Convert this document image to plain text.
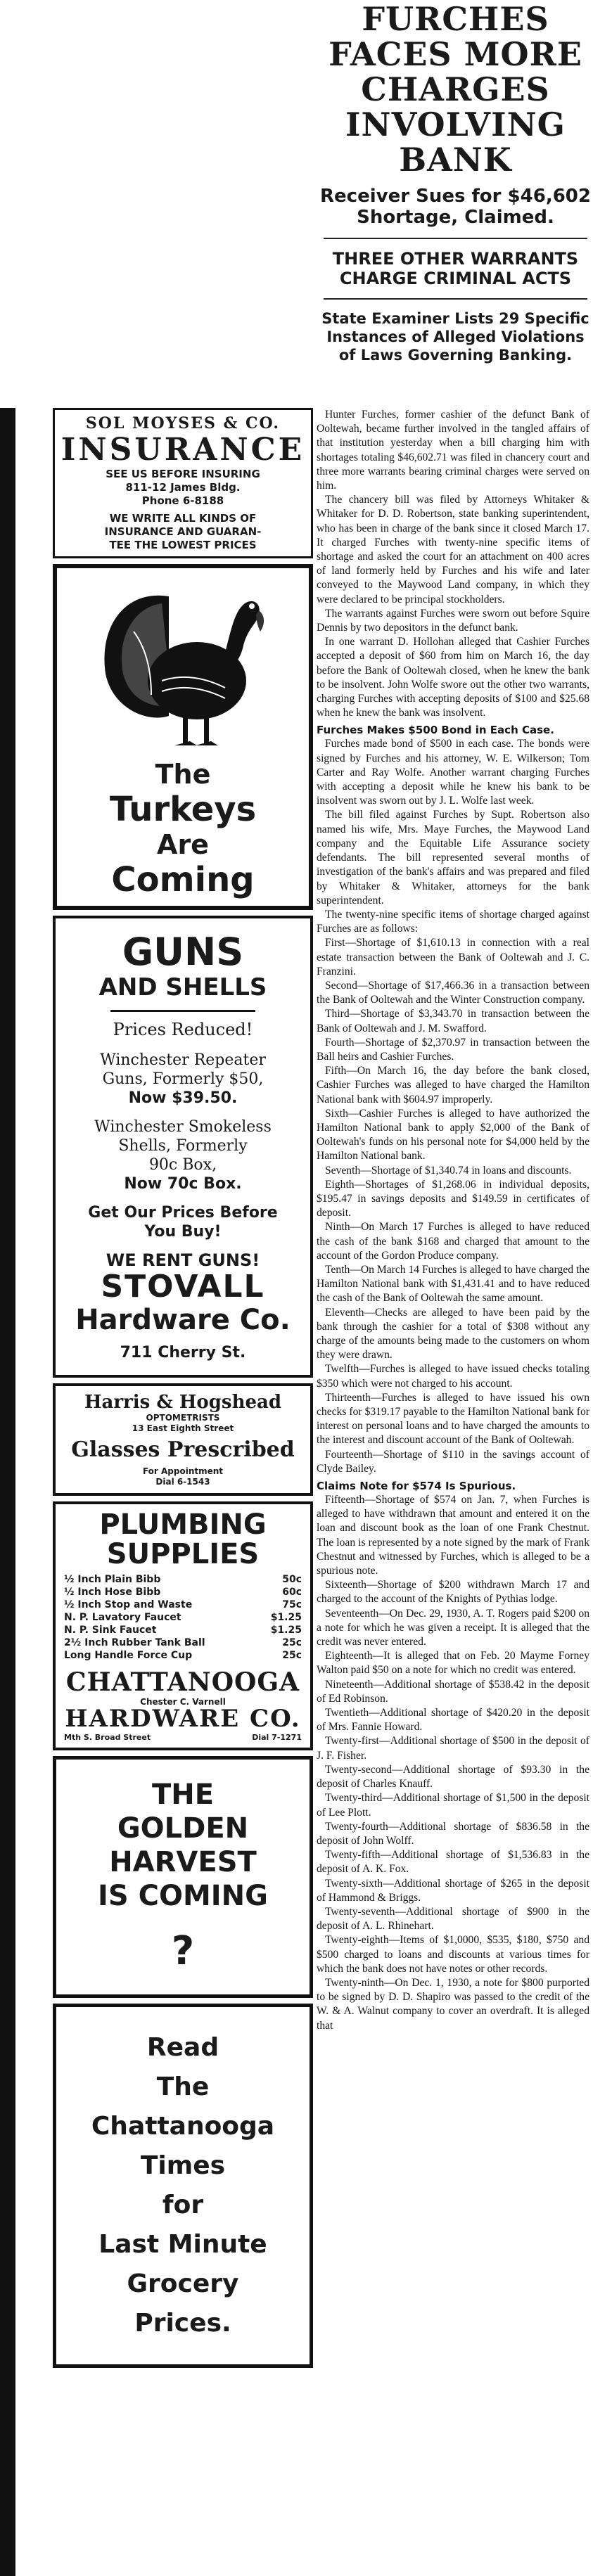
FURCHES FACES MORE CHARGES INVOLVING BANK
Receiver Sues for $46,602 Shortage, Claimed.
THREE OTHER WARRANTS CHARGE CRIMINAL ACTS
State Examiner Lists 29 Specific Instances of Alleged Violations of Laws Governing Banking.
SOL MOYSES & CO.
INSURANCE
SEE US BEFORE INSURING
811-12 James Bldg.
Phone 6-8188
WE WRITE ALL KINDS OF
INSURANCE AND GUARAN-
TEE THE LOWEST PRICES
The
Turkeys
Are
Coming
GUNS
AND SHELLS
Prices Reduced!
Winchester Repeater
Guns, Formerly $50,
Now $39.50.
Winchester Smokeless
Shells, Formerly
90c Box,
Now 70c Box.
Get Our Prices Before
You Buy!
WE RENT GUNS!
STOVALL
Hardware Co.
711 Cherry St.
Harris & Hogshead
OPTOMETRISTS
13 East Eighth Street
Glasses Prescribed
For Appointment
Dial 6-1543
PLUMBING
SUPPLIES
½ Inch Plain Bibb	50c
½ Inch Hose Bibb	60c
½ Inch Stop and Waste	75c
N. P. Lavatory Faucet	$1.25
N. P. Sink Faucet	$1.25
2½ Inch Rubber Tank Ball	25c
Long Handle Force Cup	25c
CHATTANOOGA
Chester C. Varnell
HARDWARE CO.
Mth S. Broad Street	Dial 7-1271
THE
GOLDEN
HARVEST
IS COMING
?
Read
The
Chattanooga
Times
for
Last Minute
Grocery
Prices.

Hunter Furches, former cashier of the defunct Bank of Ooltewah, became further involved in the tangled affairs of that institution yesterday when a bill charging him with shortages totaling $46,602.71 was filed in chancery court and three more warrants bearing criminal charges were served on him.

The chancery bill was filed by Attorneys Whitaker & Whitaker for D. D. Robertson, state banking superintendent, who has been in charge of the bank since it closed March 17. It charged Furches with twenty-nine specific items of shortage and asked the court for an attachment on 400 acres of land formerly held by Furches and his wife and later conveyed to the Maywood Land company, in which they were declared to be principal stockholders.

The warrants against Furches were sworn out before Squire Dennis by two depositors in the defunct bank.

In one warrant D. Hollohan alleged that Cashier Furches accepted a deposit of $60 from him on March 16, the day before the Bank of Ooltewah closed, when he knew the bank to be insolvent. John Wolfe swore out the other two warrants, charging Furches with accepting deposits of $100 and $25.68 when he knew the bank was insolvent.

Furches Makes $500 Bond in Each Case.

Furches made bond of $500 in each case. The bonds were signed by Furches and his attorney, W. E. Wilkerson; Tom Carter and Ray Wolfe. Another warrant charging Furches with accepting a deposit while he knew his bank to be insolvent was sworn out by J. L. Wolfe last week.

The bill filed against Furches by Supt. Robertson also named his wife, Mrs. Maye Furches, the Maywood Land company and the Equitable Life Assurance society defendants. The bill represented several months of investigation of the bank's affairs and was prepared and filed by Whitaker & Whitaker, attorneys for the bank superintendent.

The twenty-nine specific items of shortage charged against Furches are as follows:

First—Shortage of $1,610.13 in connection with a real estate transaction between the Bank of Ooltewah and J. C. Franzini.

Second—Shortage of $17,466.36 in a transaction between the Bank of Ooltewah and the Winter Construction company.

Third—Shortage of $3,343.70 in transaction between the Bank of Ooltewah and J. M. Swafford.

Fourth—Shortage of $2,370.97 in transaction between the Ball heirs and Cashier Furches.

Fifth—On March 16, the day before the bank closed, Cashier Furches was alleged to have charged the Hamilton National bank with $604.97 improperly.

Sixth—Cashier Furches is alleged to have authorized the Hamilton National bank to apply $2,000 of the Bank of Ooltewah's funds on his personal note for $4,000 held by the Hamilton National bank.

Seventh—Shortage of $1,340.74 in loans and discounts.

Eighth—Shortages of $1,268.06 in individual deposits, $195.47 in savings deposits and $149.59 in certificates of deposit.

Ninth—On March 17 Furches is alleged to have reduced the cash of the bank $168 and charged that amount to the account of the Gordon Produce company.

Tenth—On March 14 Furches is alleged to have charged the Hamilton National bank with $1,431.41 and to have reduced the cash of the Bank of Ooltewah the same amount.

Eleventh—Checks are alleged to have been paid by the bank through the cashier for a total of $308 without any charge of the amounts being made to the customers on whom they were drawn.

Twelfth—Furches is alleged to have issued checks totaling $350 which were not charged to his account.

Thirteenth—Furches is alleged to have issued his own checks for $319.17 payable to the Hamilton National bank for interest on personal loans and to have charged the amounts to the interest and discount account of the Bank of Ooltewah.

Fourteenth—Shortage of $110 in the savings account of Clyde Bailey.

Claims Note for $574 Is Spurious.

Fifteenth—Shortage of $574 on Jan. 7, when Furches is alleged to have withdrawn that amount and entered it on the loan and discount book as the loan of one Frank Chestnut. The loan is represented by a note signed by the mark of Frank Chestnut and witnessed by Furches, which is alleged to be a spurious note.

Sixteenth—Shortage of $200 withdrawn March 17 and charged to the account of the Knights of Pythias lodge.

Seventeenth—On Dec. 29, 1930, A. T. Rogers paid $200 on a note for which he was given a receipt. It is alleged that the credit was never entered.

Eighteenth—It is alleged that on Feb. 20 Mayme Forney Walton paid $50 on a note for which no credit was entered.

Nineteenth—Additional shortage of $538.42 in the deposit of Ed Robinson.

Twentieth—Additional shortage of $420.20 in the deposit of Mrs. Fannie Howard.

Twenty-first—Additional shortage of $500 in the deposit of J. F. Fisher.

Twenty-second—Additional shortage of $93.30 in the deposit of Charles Knauff.

Twenty-third—Additional shortage of $1,500 in the deposit of Lee Plott.

Twenty-fourth—Additional shortage of $836.58 in the deposit of John Wolff.

Twenty-fifth—Additional shortage of $1,536.83 in the deposit of A. K. Fox.

Twenty-sixth—Additional shortage of $265 in the deposit of Hammond & Briggs.

Twenty-seventh—Additional shortage of $900 in the deposit of A. L. Rhinehart.

Twenty-eighth—Items of $1,0000, $535, $180, $750 and $500 charged to loans and discounts at various times for which the bank does not have notes or other records.

Twenty-ninth—On Dec. 1, 1930, a note for $800 purported to be signed by D. D. Shapiro was passed to the credit of the W. & A. Walnut company to cover an overdraft. It is alleged that
